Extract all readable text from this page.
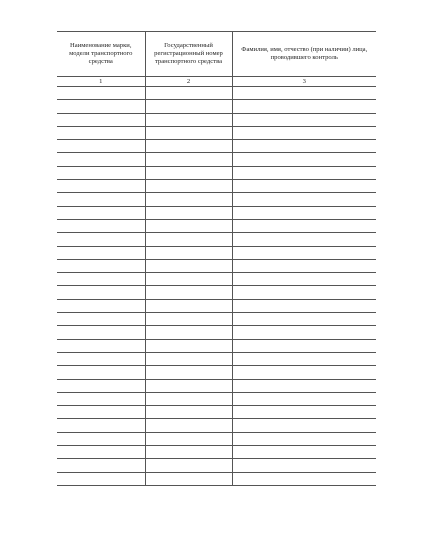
Наименование марки, модели транспортного средства	Государственный регистрационный номер транспортного средства	Фамилия, имя, отчество (при наличии) лица, проводившего контроль
1	2	3
